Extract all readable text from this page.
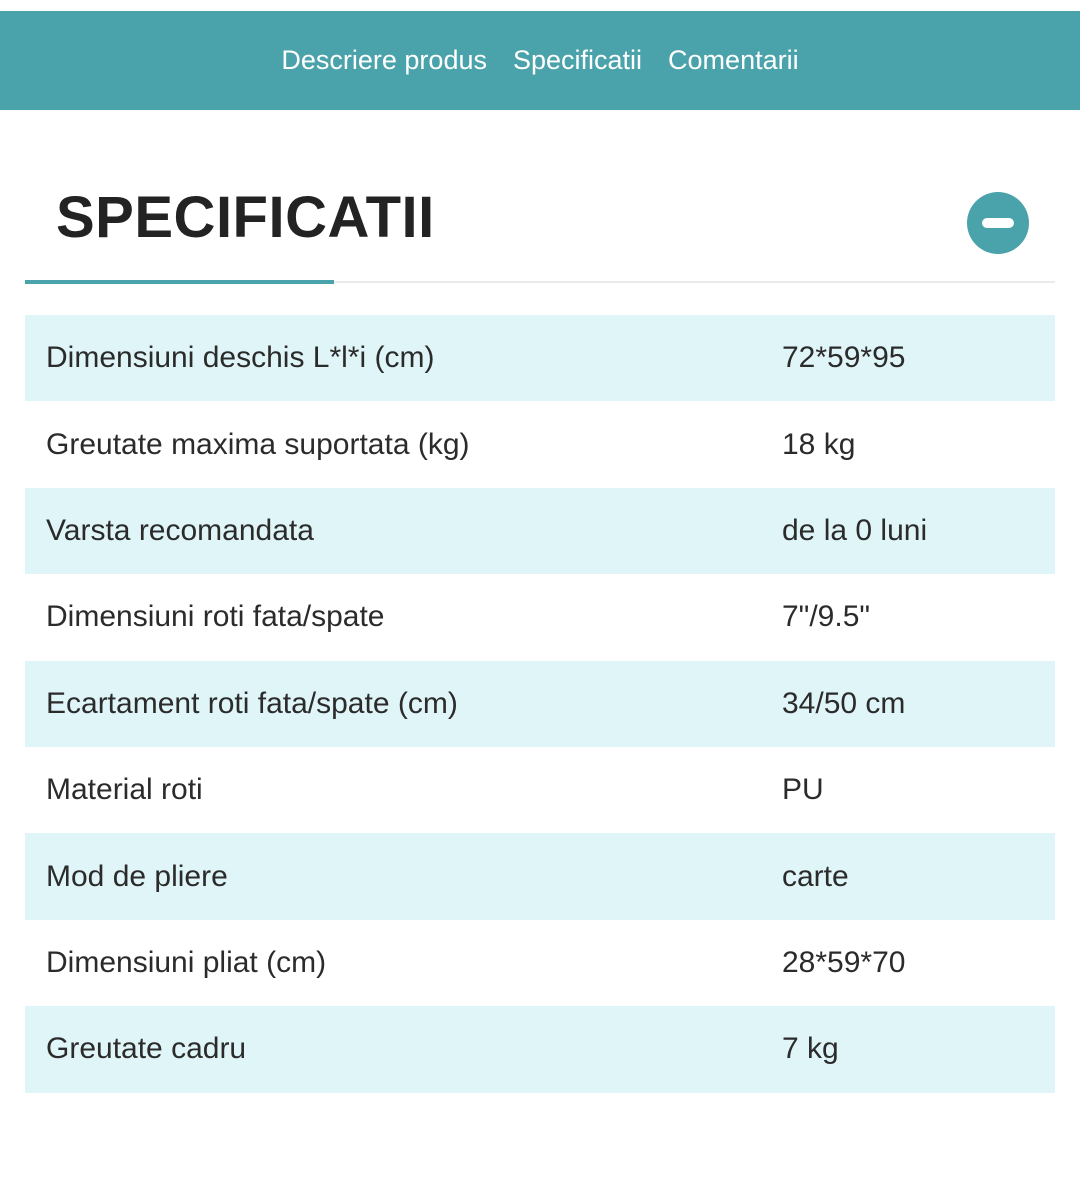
Descriere produs Specificatii Comentarii
SPECIFICATII
Dimensiuni deschis L*l*i (cm)	72*59*95
Greutate maxima suportata (kg)	18 kg
Varsta recomandata	de la 0 luni
Dimensiuni roti fata/spate	7"/9.5"
Ecartament roti fata/spate (cm)	34/50 cm
Material roti	PU
Mod de pliere	carte
Dimensiuni pliat (cm)	28*59*70
Greutate cadru	7 kg
